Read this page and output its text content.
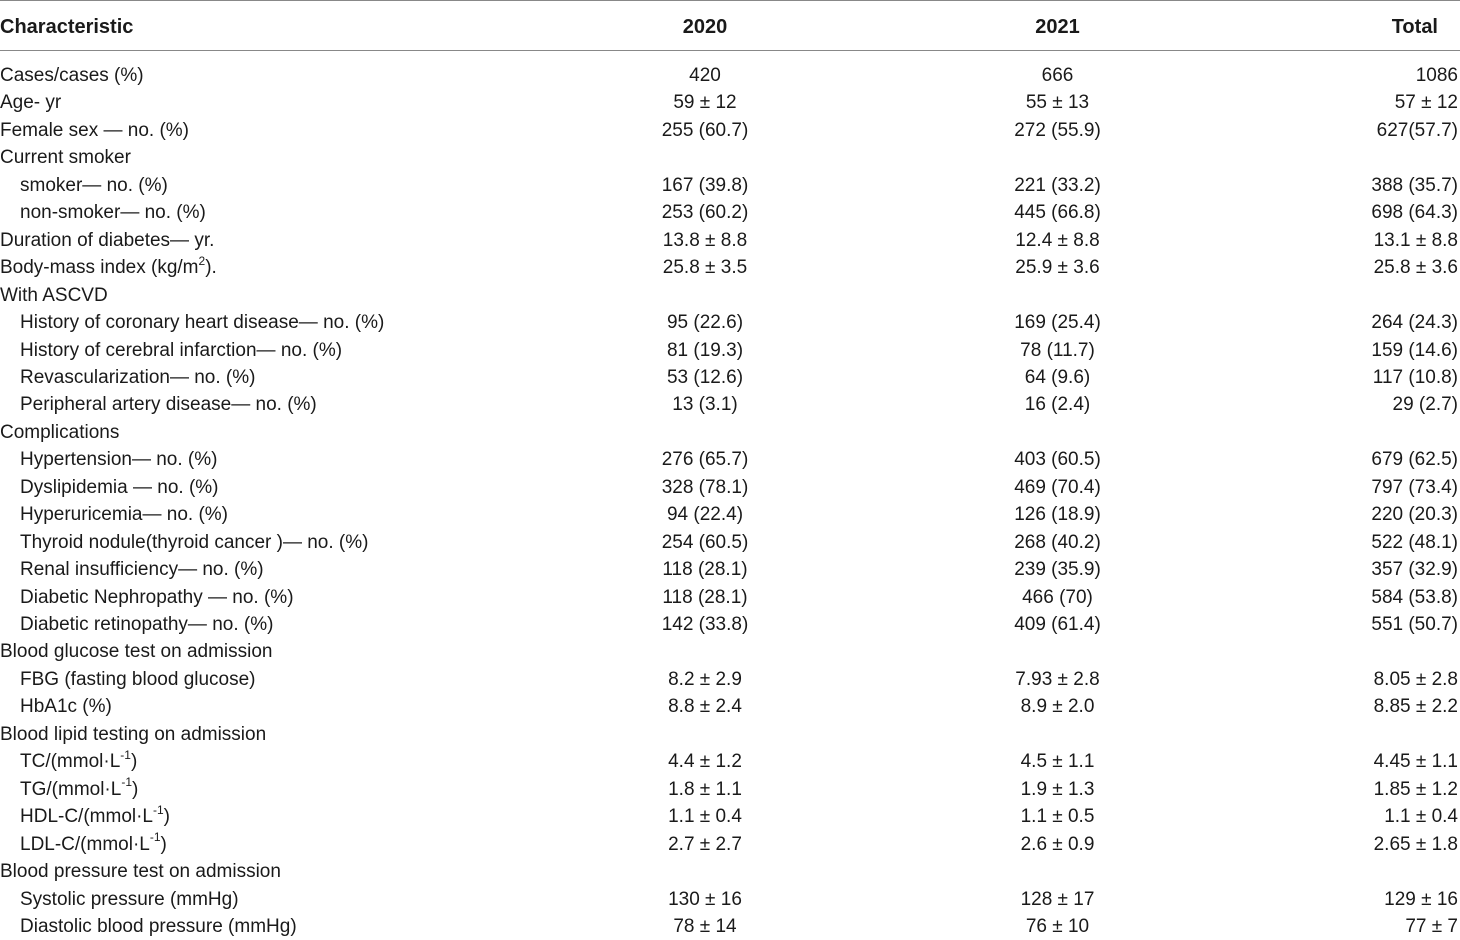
Characteristic	2020	2021	Total
Cases/cases (%)	420	666	1086
Age- yr	59 ± 12	55 ± 13	57 ± 12
Female sex — no. (%)	255 (60.7)	272 (55.9)	627(57.7)
Current smoker
smoker— no. (%)	167 (39.8)	221 (33.2)	388 (35.7)
non-smoker— no. (%)	253 (60.2)	445 (66.8)	698 (64.3)
Duration of diabetes— yr.	13.8 ± 8.8	12.4 ± 8.8	13.1 ± 8.8
Body-mass index $(kg/m^2)$.	25.8 ± 3.5	25.9 ± 3.6	25.8 ± 3.6
With ASCVD
History of coronary heart disease— no. (%)	95 (22.6)	169 (25.4)	264 (24.3)
History of cerebral infarction— no. (%)	81 (19.3)	78 (11.7)	159 (14.6)
Revascularization— no. (%)	53 (12.6)	64 (9.6)	117 (10.8)
Peripheral artery disease— no. (%)	13 (3.1)	16 (2.4)	29 (2.7)
Complications
Hypertension— no. (%)	276 (65.7)	403 (60.5)	679 (62.5)
Dyslipidemia — no. (%)	328 (78.1)	469 (70.4)	797 (73.4)
Hyperuricemia— no. (%)	94 (22.4)	126 (18.9)	220 (20.3)
Thyroid nodule(thyroid cancer )— no. (%)	254 (60.5)	268 (40.2)	522 (48.1)
Renal insufficiency— no. (%)	118 (28.1)	239 (35.9)	357 (32.9)
Diabetic Nephropathy — no. (%)	118 (28.1)	466 (70)	584 (53.8)
Diabetic retinopathy— no. (%)	142 (33.8)	409 (61.4)	551 (50.7)
Blood glucose test on admission
FBG (fasting blood glucose)	8.2 ± 2.9	7.93 ± 2.8	8.05 ± 2.8
HbA1c (%)	8.8 ± 2.4	8.9 ± 2.0	8.85 ± 2.2
Blood lipid testing on admission
$TC/(mmol\cdot L^{-1})$	4.4 ± 1.2	4.5 ± 1.1	4.45 ± 1.1
$TG/(mmol\cdot L^{-1})$	1.8 ± 1.1	1.9 ± 1.3	1.85 ± 1.2
HDL-$C/(mmol\cdot L^{-1})$	1.1 ± 0.4	1.1 ± 0.5	1.1 ± 0.4
LDL-$C/(mmol\cdot L^{-1})$	2.7 ± 2.7	2.6 ± 0.9	2.65 ± 1.8
Blood pressure test on admission
Systolic pressure (mmHg)	130 ± 16	128 ± 17	129 ± 16
Diastolic blood pressure (mmHg)	78 ± 14	76 ± 10	77 ± 7
